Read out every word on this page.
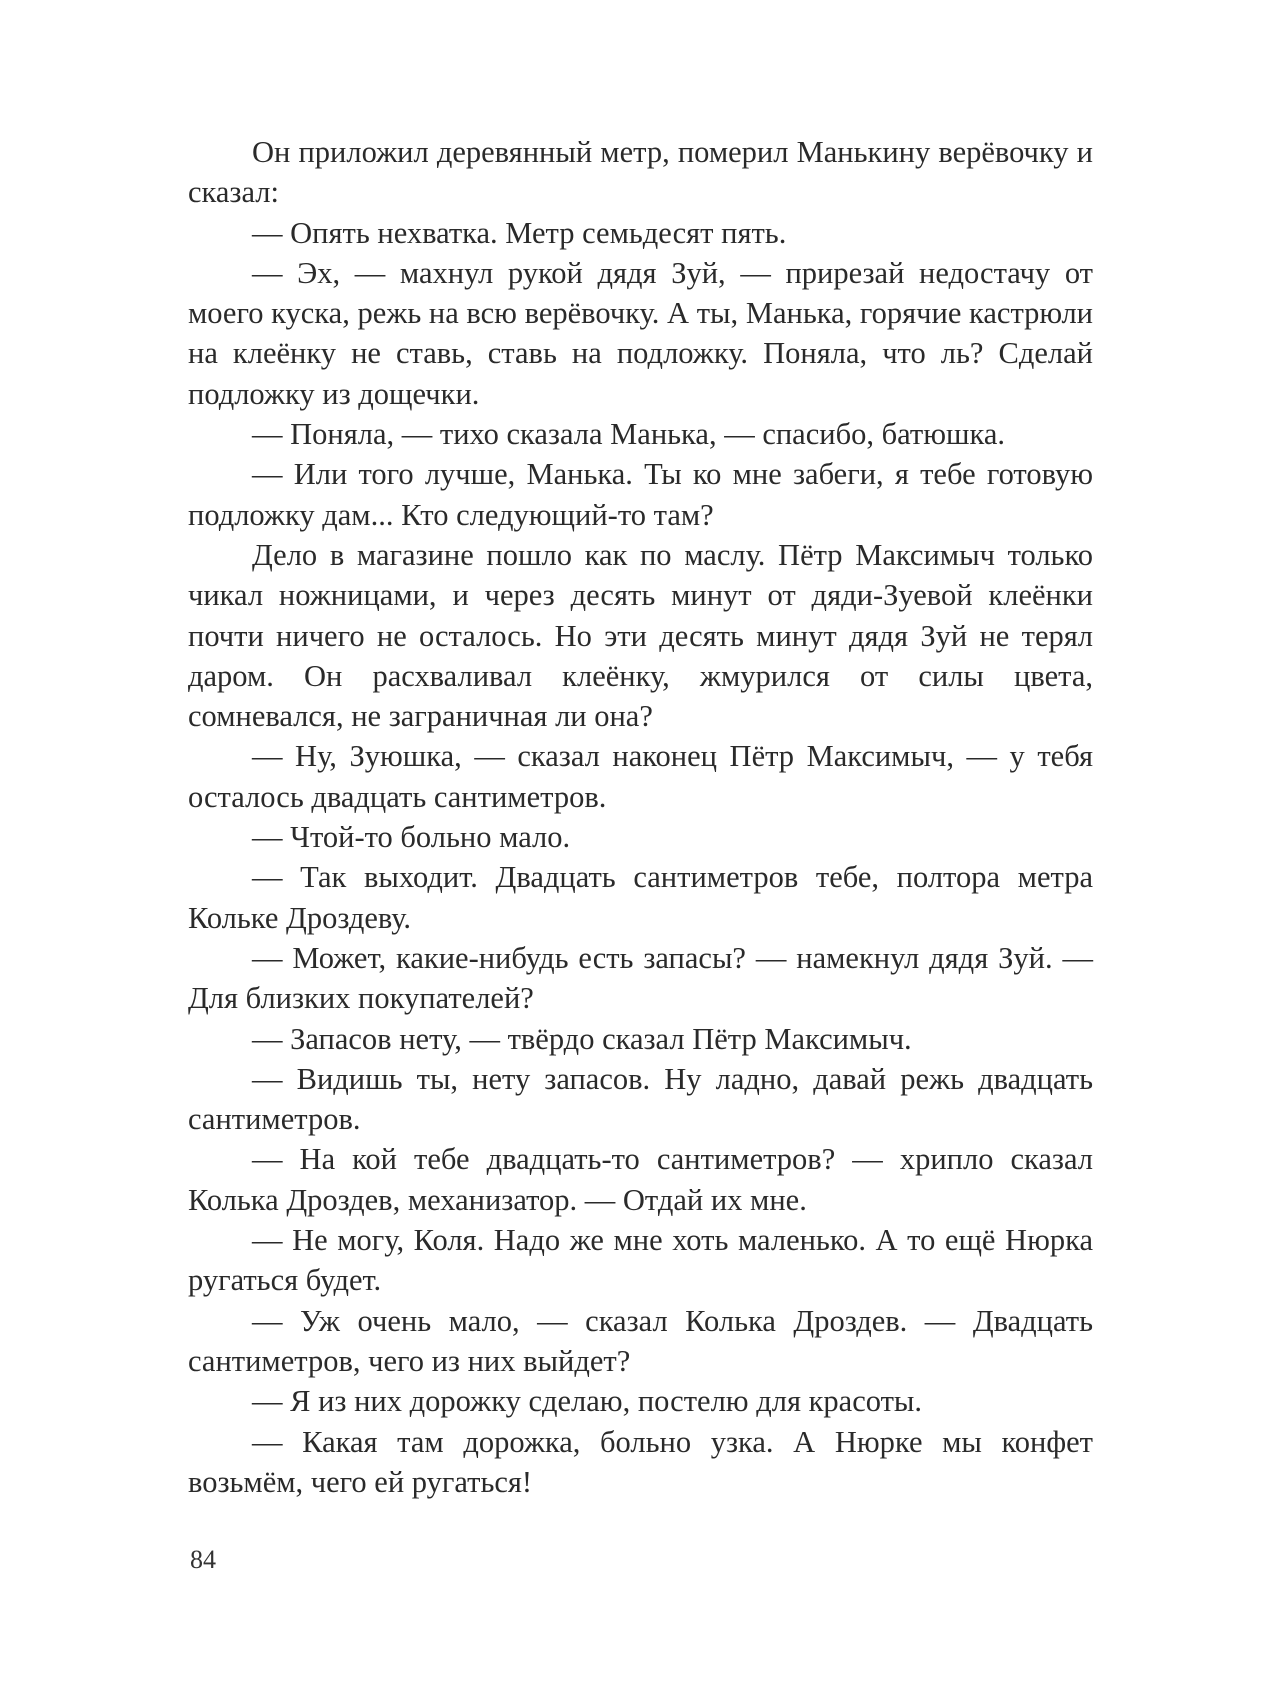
Он приложил деревянный метр, померил Манькину верёвочку и сказал:

— Опять нехватка. Метр семьдесят пять.

— Эх, — махнул рукой дядя Зуй, — прирезай недостачу от моего куска, режь на всю верёвочку. А ты, Манька, горячие кастрюли на клеёнку не ставь, ставь на подложку. Поняла, что ль? Сделай подложку из дощечки.

— Поняла, — тихо сказала Манька, — спасибо, батюшка.

— Или того лучше, Манька. Ты ко мне забеги, я тебе готовую подложку дам... Кто следующий-то там?

Дело в магазине пошло как по маслу. Пётр Максимыч только чикал ножницами, и через десять минут от дяди-Зуевой клеёнки почти ничего не осталось. Но эти десять минут дядя Зуй не терял даром. Он расхваливал клеёнку, жмурился от силы цвета, сомневался, не заграничная ли она?

— Ну, Зуюшка, — сказал наконец Пётр Максимыч, — у тебя осталось двадцать сантиметров.

— Чтой-то больно мало.

— Так выходит. Двадцать сантиметров тебе, полтора метра Кольке Дроздеву.

— Может, какие-нибудь есть запасы? — намекнул дядя Зуй. — Для близких покупателей?

— Запасов нету, — твёрдо сказал Пётр Максимыч.

— Видишь ты, нету запасов. Ну ладно, давай режь двадцать сантиметров.

— На кой тебе двадцать-то сантиметров? — хрипло сказал Колька Дроздев, механизатор. — Отдай их мне.

— Не могу, Коля. Надо же мне хоть маленько. А то ещё Нюрка ругаться будет.

— Уж очень мало, — сказал Колька Дроздев. — Двадцать сантиметров, чего из них выйдет?

— Я из них дорожку сделаю, постелю для красоты.

— Какая там дорожка, больно узка. А Нюрке мы конфет возьмём, чего ей ругаться!

84
